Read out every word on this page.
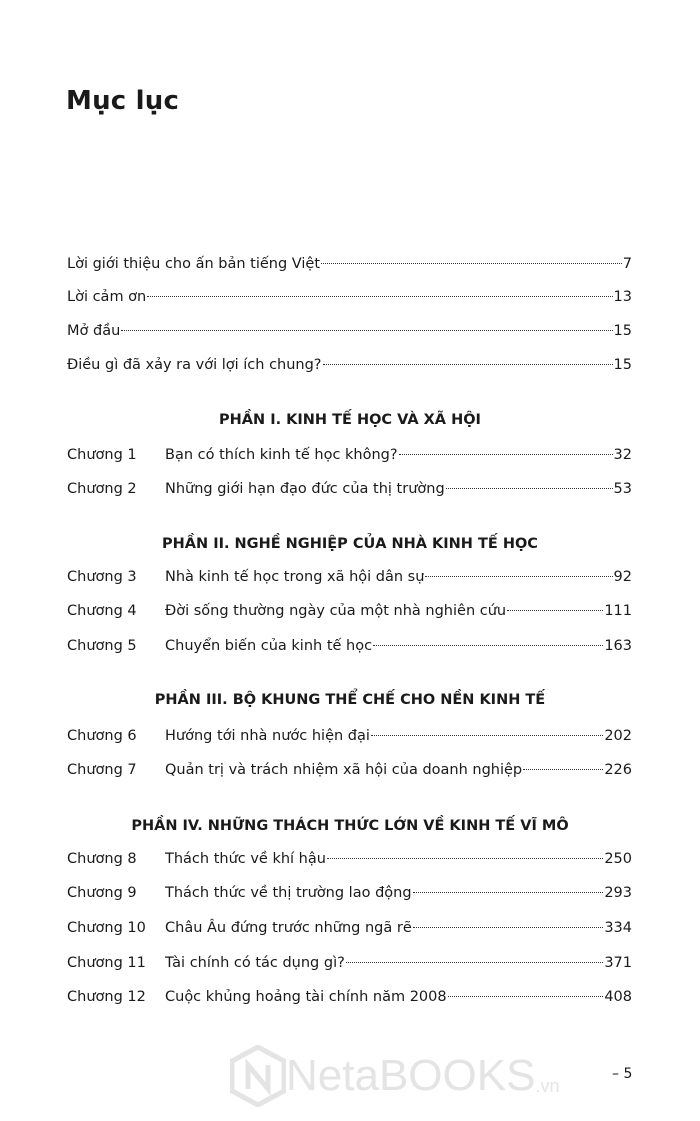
Mục lục
Lời giới thiệu cho ấn bản tiếng Việt	7
Lời cảm ơn	13
Mở đầu	15
Điều gì đã xảy ra với lợi ích chung?	15
PHẦN I. KINH TẾ HỌC VÀ XÃ HỘI
Chương 1	Bạn có thích kinh tế học không?	32
Chương 2	Những giới hạn đạo đức của thị trường	53
PHẦN II. NGHỀ NGHIỆP CỦA NHÀ KINH TẾ HỌC
Chương 3	Nhà kinh tế học trong xã hội dân sự	92
Chương 4	Đời sống thường ngày của một nhà nghiên cứu	111
Chương 5	Chuyển biến của kinh tế học	163
PHẦN III. BỘ KHUNG THỂ CHẾ CHO NỀN KINH TẾ
Chương 6	Hướng tới nhà nước hiện đại	202
Chương 7	Quản trị và trách nhiệm xã hội của doanh nghiệp	226
PHẦN IV. NHỮNG THÁCH THỨC LỚN VỀ KINH TẾ VĨ MÔ
Chương 8	Thách thức về khí hậu	250
Chương 9	Thách thức về thị trường lao động	293
Chương 10	Châu Âu đứng trước những ngã rẽ	334
Chương 11	Tài chính có tác dụng gì?	371
Chương 12	Cuộc khủng hoảng tài chính năm 2008	408
NetaBOOKS .vn
– 5
